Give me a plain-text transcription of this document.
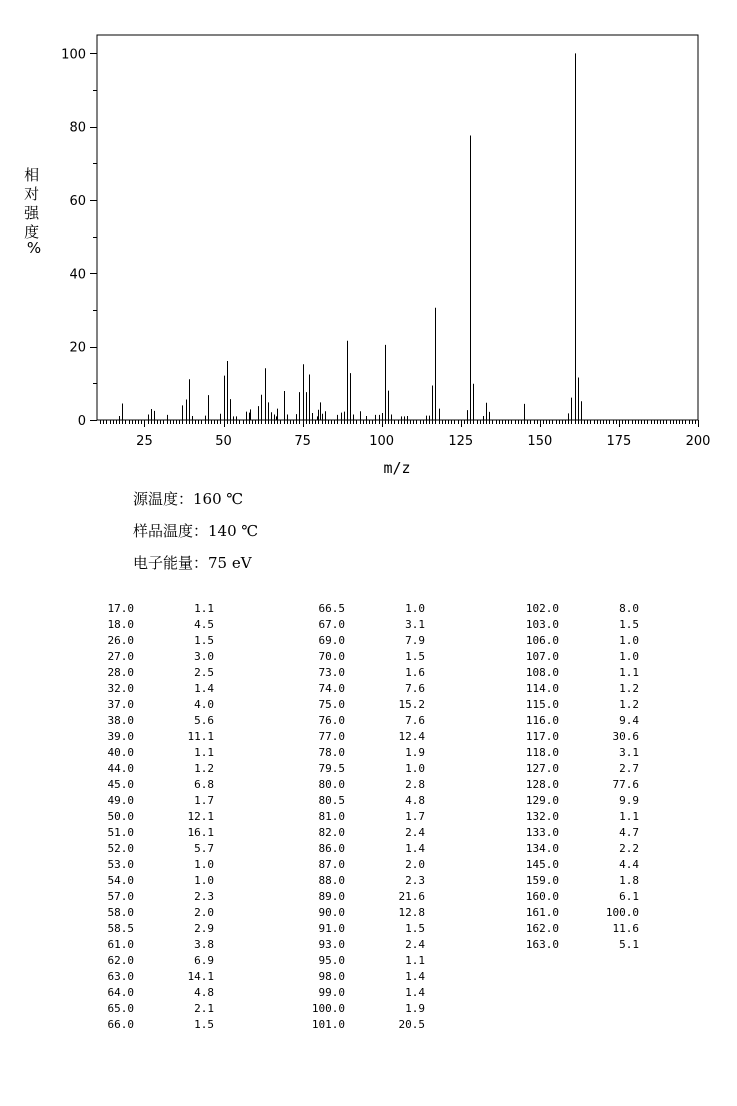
25	50	75	100	125	150	175	200
0
20
40
60
80
100
m/z
相 对 强 度 %
源温度：160 ℃
样品温度：140 ℃
电子能量：75 eV
17.0	1.1
18.0	4.5
26.0	1.5
27.0	3.0
28.0	2.5
32.0	1.4
37.0	4.0
38.0	5.6
39.0	11.1
40.0	1.1
44.0	1.2
45.0	6.8
49.0	1.7
50.0	12.1
51.0	16.1
52.0	5.7
53.0	1.0
54.0	1.0
57.0	2.3
58.0	2.0
58.5	2.9
61.0	3.8
62.0	6.9
63.0	14.1
64.0	4.8
65.0	2.1
66.0	1.5
66.5	1.0
67.0	3.1
69.0	7.9
70.0	1.5
73.0	1.6
74.0	7.6
75.0	15.2
76.0	7.6
77.0	12.4
78.0	1.9
79.5	1.0
80.0	2.8
80.5	4.8
81.0	1.7
82.0	2.4
86.0	1.4
87.0	2.0
88.0	2.3
89.0	21.6
90.0	12.8
91.0	1.5
93.0	2.4
95.0	1.1
98.0	1.4
99.0	1.4
100.0	1.9
101.0	20.5
102.0	8.0
103.0	1.5
106.0	1.0
107.0	1.0
108.0	1.1
114.0	1.2
115.0	1.2
116.0	9.4
117.0	30.6
118.0	3.1
127.0	2.7
128.0	77.6
129.0	9.9
132.0	1.1
133.0	4.7
134.0	2.2
145.0	4.4
159.0	1.8
160.0	6.1
161.0	100.0
162.0	11.6
163.0	5.1
